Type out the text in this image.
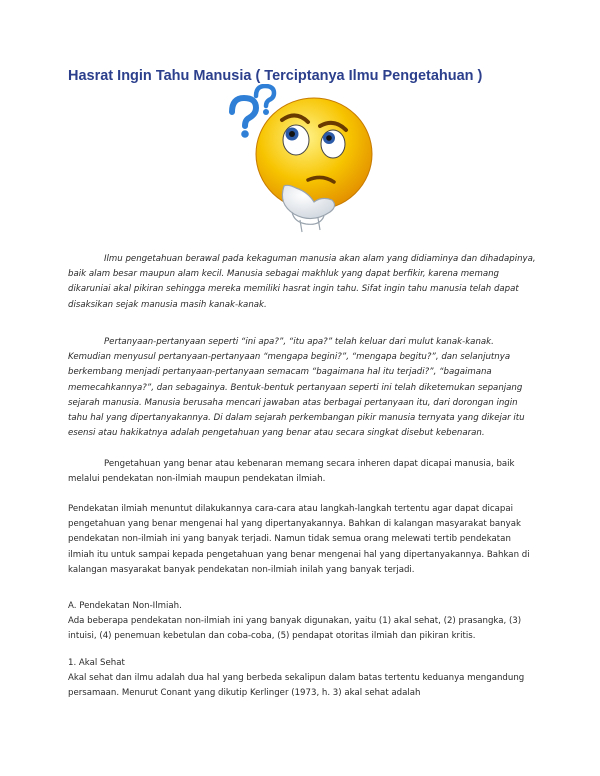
Hasrat Ingin Tahu Manusia ( Terciptanya Ilmu Pengetahuan )
Ilmu pengetahuan berawal pada kekaguman manusia akan alam yang didiaminya dan dihadapinya, baik alam besar maupun alam kecil. Manusia sebagai makhluk yang dapat berfikir, karena memang dikaruniai akal pikiran sehingga mereka memiliki hasrat ingin tahu. Sifat ingin tahu manusia telah dapat disaksikan sejak manusia masih kanak-kanak.
Pertanyaan-pertanyaan seperti “ini apa?”, “itu apa?” telah keluar dari mulut kanak-kanak. Kemudian menyusul pertanyaan-pertanyaan “mengapa begini?”, “mengapa begitu?”, dan selanjutnya berkembang menjadi pertanyaan-pertanyaan semacam “bagaimana hal itu terjadi?”, “bagaimana memecahkannya?”, dan sebagainya. Bentuk-bentuk pertanyaan seperti ini telah diketemukan sepanjang sejarah manusia. Manusia berusaha mencari jawaban atas berbagai pertanyaan itu, dari dorongan ingin tahu hal yang dipertanyakannya. Di dalam sejarah perkembangan pikir manusia ternyata yang dikejar itu esensi atau hakikatnya adalah pengetahuan yang benar atau secara singkat disebut kebenaran.
Pengetahuan yang benar atau kebenaran memang secara inheren dapat dicapai manusia, baik melalui pendekatan non-ilmiah maupun pendekatan ilmiah.
Pendekatan ilmiah menuntut dilakukannya cara-cara atau langkah-langkah tertentu agar dapat dicapai pengetahuan yang benar mengenai hal yang dipertanyakannya. Bahkan di kalangan masyarakat banyak pendekatan non-ilmiah ini yang banyak terjadi. Namun tidak semua orang melewati tertib pendekatan ilmiah itu untuk sampai kepada pengetahuan yang benar mengenai hal yang dipertanyakannya. Bahkan di kalangan masyarakat banyak pendekatan non-ilmiah inilah yang banyak terjadi.
A. Pendekatan Non-Ilmiah.
Ada beberapa pendekatan non-ilmiah ini yang banyak digunakan, yaitu (1) akal sehat, (2) prasangka, (3) intuisi, (4) penemuan kebetulan dan coba-coba, (5) pendapat otoritas ilmiah dan pikiran kritis.
1. Akal Sehat
Akal sehat dan ilmu adalah dua hal yang berbeda sekalipun dalam batas tertentu keduanya mengandung persamaan. Menurut Conant yang dikutip Kerlinger (1973, h. 3) akal sehat adalah
